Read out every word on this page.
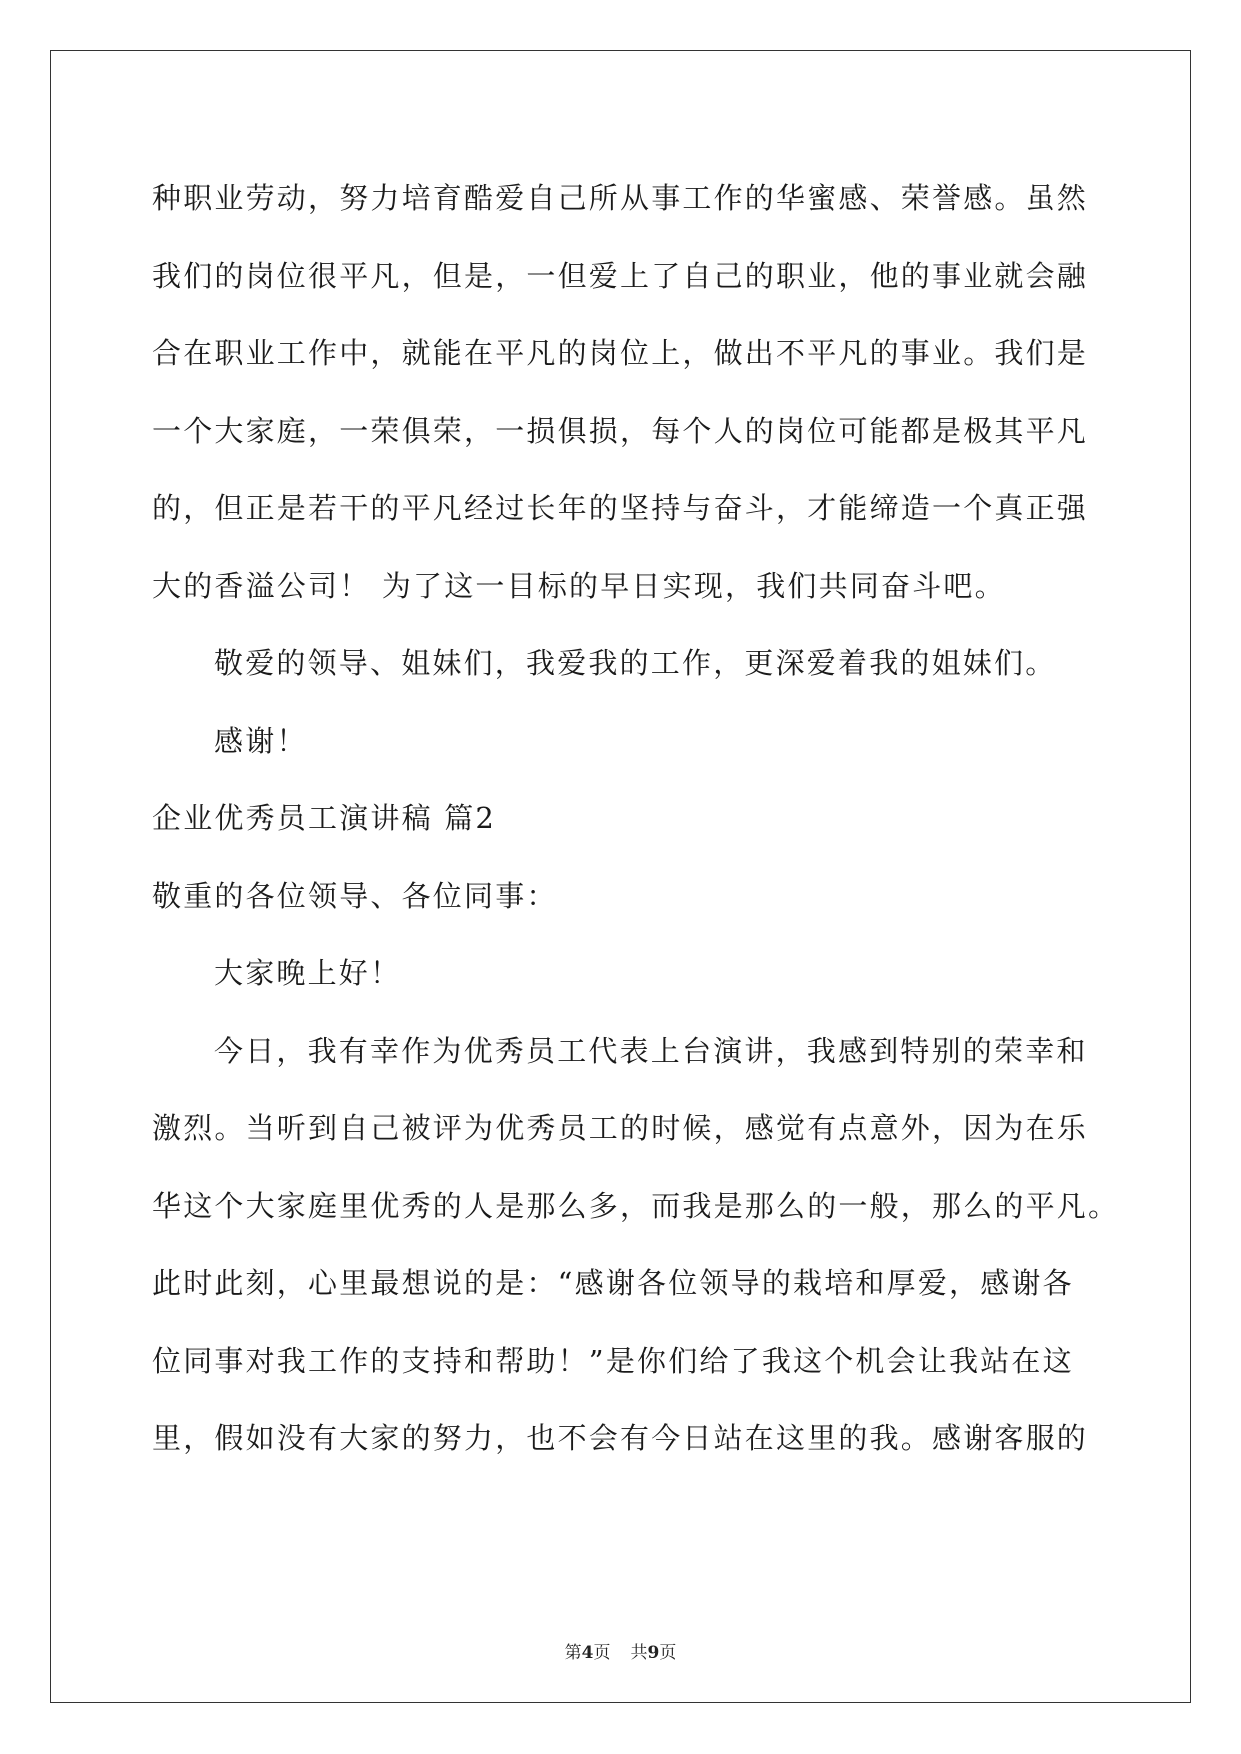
种职业劳动，努力培育酷爱自己所从事工作的华蜜感、荣誉感。虽然
我们的岗位很平凡，但是，一但爱上了自己的职业，他的事业就会融
合在职业工作中，就能在平凡的岗位上，做出不平凡的事业。我们是
一个大家庭，一荣俱荣，一损俱损，每个人的岗位可能都是极其平凡
的，但正是若干的平凡经过长年的坚持与奋斗，才能缔造一个真正强
大的香溢公司！ 为了这一目标的早日实现，我们共同奋斗吧。
敬爱的领导、姐妹们，我爱我的工作，更深爱着我的姐妹们。
感谢！
企业优秀员工演讲稿 篇2
敬重的各位领导、各位同事：
大家晚上好！
今日，我有幸作为优秀员工代表上台演讲，我感到特别的荣幸和
激烈。当听到自己被评为优秀员工的时候，感觉有点意外，因为在乐
华这个大家庭里优秀的人是那么多，而我是那么的一般，那么的平凡。
此时此刻，心里最想说的是：“感谢各位领导的栽培和厚爱，感谢各
位同事对我工作的支持和帮助！”是你们给了我这个机会让我站在这
里，假如没有大家的努力，也不会有今日站在这里的我。感谢客服的
第4页 共9页
